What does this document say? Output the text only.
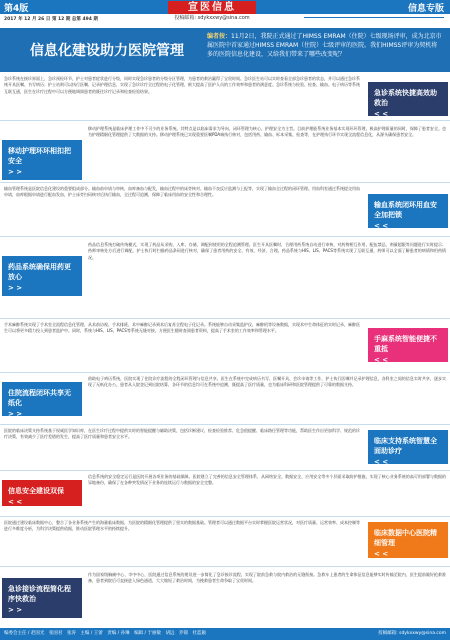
第4版	信息专版
宣医信息
投稿邮箱: sdykxxwy@sina.com
2017 年 12 月 26 日 第 12 期 总第 494 期
信息化建设助力医院管理
编者按：11月2日，我院正式通过了HIMSS EMRAM（住院）七级现场评审，成为北京市属医院中首家通过HIMSS EMRAM（住院）七级评审的医院。我们HIMSS评审为契机将多的医院信息化建设，又给我们带来了哪些改变呢？
急诊系统在接诊界面上，急诊预检环节，护士对患者症状进行分级，同时实现急诊患者的分级分区管理，为患者的救治赢得了宝贵时间。急诊医生站可以实时查看全部急诊患者的状态，并可以通过急诊系统开具医嘱、书写病历；护士站则可以执行医嘱、记录护理信息，实现了急诊诊疗全过程的电子化管理，极大提高了医护人员的工作效率和患者的满意度。急诊系统与检验、检查、输血、电子病历等系统互联互通，医生在诊疗过程中可以方便地调阅患者的既往诊疗记录和检查检验结果。	急诊系统快捷高效助救治
< <
移动护理环环相扣把安全
> >
移动护理系统是临床护理工作中不可少的业务系统。其特点是以临床需求为导向，闭环管理为核心，护理安全为主旨。目前护理能系统业务基本实现环环管理，极高护理质量的同时，保障了患者安全。也为护理精细化管理提供了大数据的支持。移动护理系统已实现重要医嘱PDA端执行核对，包括用药、输血、标本采集、检查等，在护理执行环节实现全流程信息化，从源头确保患者安全。
输血管理系统是医院信息化建设的重要组成部分。输血前申请与审核，血库备血与配发，输血过程中的床旁核对、输血不良反应监测与上报等，实现了输血全过程的闭环管理。用血科室通过系统提交用血申请，血库根据申请进行配血发血，护士床旁扫码核对后执行输血，全过程可追溯，保障了临床用血的安全性和合理性。
输血系统闭环用血安全加把锁
< <
药品系统确保用药更放心
> >
药品信息系统打破传统模式，实现了药品从采购、入库、存储、调配到使用的全程追溯管理。医生开具医嘱时，合理用药系统自动进行审核，对药物相互作用、配伍禁忌、剂量超限等问题进行实时提示；药师审核处方后进行调配，护士执行时扫描药品条码进行核对，确保了患者用药的安全、有效、经济、合理。药品系统与HIS、LIS、PACS等系统实现了互联互通，药师可以全面了解患者的病情和用药情况。
手术麻醉系统实现了手术室全流程信息化管理，从术前访视、手术排班、术中麻醉记录到术后复苏全程电子化记录。系统能够自动采集监护仪、麻醉机等设备数据，实现术中生命体征的实时记录，麻醉医生可以将更多精力投入到患者监护中。同时，系统与HIS、LIS、PACS等系统无缝对接，方便医生随时查阅患者资料，提高了手术室的工作效率和管理水平。
手麻系统智能便捷不重抵
< <
住院流程闭环共享无纸化
> >
借助电子病历系统，医院实现了住院诊疗流程的全程闭环管理与信息共享。医生在系统中完成病历书写、医嘱开具、会诊申请等工作，护士执行医嘱并记录护理信息，各科室之间的信息实时共享，逐步实现了无纸化办公。患者从入院登记到出院结算，各环节的信息均可在系统中追溯，既提高了医疗质量，也为临床科研和医院管理提供了可靠的数据支持。
医院的临床决策支持系统基于权威医学知识库，在医生诊疗过程中提供实时的智能提醒与辅助决策，包括诊断建议、检查检验推荐、危急值提醒、临床路径管理等功能，帮助医生作出更加科学、规范的诊疗决策，有效减少了医疗差错的发生，提高了医疗质量和患者安全水平。
临床支持系统智慧全面助诊疗
< <
信息安全建设双保
< <
信息系统的安全稳定运行是医院开展各项业务的基础保障。医院建立了完善的信息安全管理体系，从网络安全、数据安全、应用安全等多个层面采取防护措施，实现了核心业务系统的高可用部署与数据的异地备份，确保了在各种突发情况下业务的连续运行与数据的安全完整。
医院通过建设临床数据中心，整合了各业务系统产生的海量临床数据，为医院的精细化管理提供了坚实的数据基础。管理者可以通过数据平台实时掌握医院运营状况，对医疗质量、运营效率、成本控制等进行多维度分析，为科学决策提供依据，推动医院管理水平的持续提升。
临床数据中心医院精细管理
< <
急诊接诊流程简化程序快救治
> >
作为国家级胸痛中心、卒中中心，医院通过信息系统的建设进一步简化了急诊接诊流程，实现了院前急救与院内救治的无缝衔接。急救车上患者的生命体征信息能够实时传输至院内，医生提前做好抢救准备，患者到院后可直接进入绿色通道，大大缩短了救治时间，为挽救患者生命争取了宝贵时间。
编委会主任 / 赵国光　张国君　张涛　主编 / 王蕾　责编 / 孙琳　编辑 / 于丽敏　胡远　乔锦　杜蓝颖	投稿邮箱: sdykxxwy@sina.com
